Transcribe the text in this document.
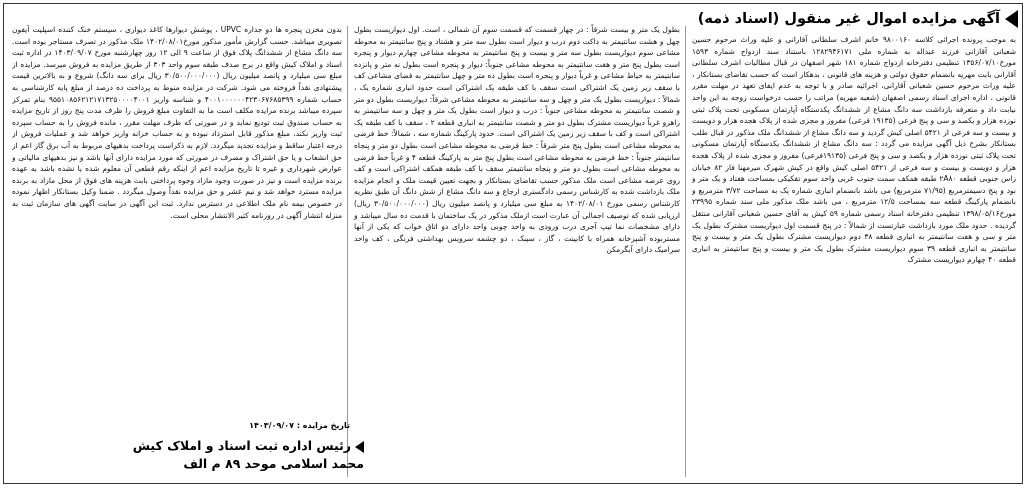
آگهی مزایده اموال غیر منقول (اسناد ذمه)

به موجب پرونده اجرائی کلاسه ۹۸۰۰۱۶۰ خانم اشرف سلطانی آقارانی و علیه وراث مرحوم حسین شعبانی آقارانی فرزند عبداله به شماره ملی ۱۲۸۲۹۴۶۱۷۱ باستناد سند ازدواج شماره ۱۵۹۳ مورخ۱۳۵۶/۰۷/۱۰ تنظیمی دفترخانه ازدواج شماره ۱۸۱ شهر اصفهان در قبال مطالبات اشرف سلطانی آقارانی بابت مهریه بانضمام حقوق دولتی و هزینه های قانونی ، بدهکار است که حسب تقاضای بستانکار ، علیه وراث مرحوم حسین شعبانی آقارانی، اجرائیه صادر و با توجه به عدم ایفای تعهد در مهلت مقرر قانونی ، اداره اجرای اسناد رسمی اصفهان (شعبه مهریه) مراتب را حسب درخواست زوجه به این واحد نیابت داد و متعرفه بازداشت سه دانگ مشاع از ششدانگ یکدستگاه آپارتمان مسکونی تحت پلاک ثبتی نوزده هزار و یکصد و سی و پنج فرعی (۱۹۱۳۵ فرعی) مفروز و مجزی شده از پلاک هجده هزار و دویست و بیست و سه فرعی از ۵۴۲۱ اصلی کیش گردید و سه دانگ مشاع از ششدانگ ملک مذکور در قبال طلب بستانکار بشرح ذیل آگهی مزایده می گردد : سه دانگ مشاع از ششدانگ یکدستگاه آپارتمان مسکونی تحت پلاک ثبتی نوزده هزار و یکصد و سی و پنج فرعی (۱۹۱۳۵فرعی) مفروز و مجزی شده از پلاک هجده هزار و دویست و بیست و سه فرعی از ۵۴۲۱ اصلی کیش واقع در کیش شهرک میرمهنا فاز ۸۲ خیابان زاس جنوبی قطعه ۲A۸۰ طبقه همکف سمت جنوب غربی واحد سوم تفکیکی بمساحت هفتاد و یک متر و نود و پنج دسیمترمربع (۷۱/۹۵ مترمربع) می باشد بانضمام انباری شماره یک به مساحت ۳/۷۲ مترمربع و بانضمام پارکینگ قطعه سه بمساحت ۱۲/۵ مترمربع ، می باشد ملک مذکور ملی سند شماره ۲۳۹۹۵ مورخ۱۳۹۸/۰۵/۱۶ تنظیمی دفترخانه اسناد رسمی شماره ۵۹ کیش به آقای حسین شعبانی آقارانی منتقل گردیده . حدود ملک مورد بازداشت عبارتست از شمالاً : در پنج قسمت اول دیواریست مشترک بطول یک متر و سی و هفت سانتیمتر به انباری قطعه ۳۸ دوم دیواریست مشترک بطول یک متر و بیست و پنج سانتیمتر به انباری قطعه ۳۹ سوم دیواریست مشترک بطول یک متر و بیست و پنج سانتیمتر به انباری قطعه ۴۰ چهارم دیواریست مشترک

بطول یک متر و بیست شرقاً : در چهار قسمت که قسمت سوم آن شمالی ، است. اول دیواریست بطول چهل و هشت سانتیمتر به داکت دوم درب و دیوار است بطول سه متر و هشتاد و پنج سانتیمتر به محوطه مشاعی سوم دیواریست بطول سه متر و بیست و پنج سانتیمتر به محوطه مشاعی چهارم دیوار و پنجره است بطول پنج متر و هفت سانتیمتر به محوطه مشاعی جنوباً: دیوار و پنجره است بطول نه متر و پانزده سانتیمتر به حیاط مشاعی و غرباً دیوار و پنجره است بطول ده متر و چهل سانتیمتر به فضای مشاعی کف با سقف زیر زمین یک اشتراکی است سقف با کف طبقه یک اشتراکی است حدود انباری شماره یک ، شمالاً : دیواریست بطول یک متر و چهل و سه سانتیمتر به محوطه مشاعی شرقاً: دیواریست بطول دو متر و شصت سانتیمتر به محوطه مشاعی جنوباً : درب و دیوار است بطول یک متر و چهل و سه سانتیمتر به راهرو غرباً دیواریست مشترک بطول دو متر و شصت سانتیمتر به انباری قطعه ۲ ، سقف با کف طبقه یک اشتراکی است و کف با سقف زیر زمین یک اشتراکی است. حدود پارکینگ شماره سه ، شمالاً: خط فرضی به محوطه مشاعی است بطول پنج متر شرقاً : خط فرضی به محوطه مشاعی است بطول دو متر و پنجاه سانتیمتر جنوباً : خط فرضی به محوطه مشاعی است بطول پنج متر به پارکینگ قطعه ۴ و غرباً خط فرضی به محوطه مشاعی است بطول دو متر و پنجاه سانتیمتر سقف با کف طبقه همکف اشتراکی است و کف روی عرصه مشاعی است ملک مذکور حسب تقاضای بستانکار و بجهت تعیین قیمت ملک و انجام مزایده ملک بازداشت شده به کارشناس رسمی دادگستری ارجاع و سه دانگ مشاع از شش دانگ آن طبق نظریه کارشناس رسمی مورخ ۱۴۰۲/۰۸/۰۱ به مبلغ سی میلیارد و پانصد میلیون ریال (۳۰/۵۰۰/۰۰۰/۰۰۰ ریال) ارزیابی شده که توصیف اجمالی آن عبارت است ازملک مذکور در یک ساختمان با قدمت ده سال میباشد و دارای مشخصات نما تیپ آجری درب ورودی به واحد چوبی واحد دارای دو اتاق خواب که یکی از آنها مستربوده آشپزخانه همراه با کابینت ، گاز ، سینک ، دو چشمه سرویس بهداشتی فرنگی ، کف واحد سرامیک دارای آبگرمکن

بدون مخزن پنجره ها دو جداره UPVC ، پوشش دیوارها کاغذ دیواری ، سیستم خنک کننده اسپلیت آیفون تصویری میباشد. حسب گزارش مأمور مذکور مورخ۱۴۰۲/۰۸/۰۱ ملک مذکور در تصرف مستاجر بوده است. سه دانگ مشاع از ششدانگ پلاک فوق از ساعت ۹ الی ۱۲ روز چهارشنبه مورخ ۱۴۰۳/۰۹/۰۷ در اداره ثبت اسناد و املاک کیش واقع در برج صدف طبقه سوم واحد ۳۰۳ از طریق مزایده به فروش میرسد. مزایده از مبلغ سی میلیارد و پانصد میلیون ریال (۳۰/۵۰۰/۰۰۰/۰۰۰ ریال برای سه دانگ) شروع و به بالاترین قیمت پیشنهادی نقداً فروخته می شود. شرکت در مزایده منوط به پرداخت ده درصد از مبلغ پایه کارشناسی به حساب شماره ۴۰۰۱۰۰۰۰۰۰۴۲۳۰۶۷۶۸۵۳۹۹ و شناسه واریز ۹۵۵۱۰۸۵۶۲۱۲۱۷۱۳۲۵۰۰۰۰۴۰۰۱ بنام تمرکز سپرده میباشد برنده مزایده مکلف است ما به التفاوت مبلغ فروش را ظرف مدت پنج روز از تاریخ مزایده به حساب صندوق ثبت تودیع نماید و در صورتی که ظرف مهلت مقرر ، مانده فروش را به حساب سپرده ثبت واریز نکند، مبلغ مذکور قابل استرداد نبوده و به حساب خزانه واریز خواهد شد و عملیات فروش از درجه اعتبار ساقط و مزایده تجدید میگردد. لازم به ذکراست پرداخت بدهیهای مربوط به آب برق گاز اعم از حق انشعاب و یا حق اشتراک و مصرف در صورتی که مورد مزایده دارای آنها باشد و نیز بدهیهای مالیاتی و عوارض شهرداری و غیره تا تاریخ مزایده اعم از اینکه رقم قطعی آن معلوم شده یا نشده باشد به عهده برنده مزایده است و نیز در صورت وجود مازاد وجوه پرداختی بابت هزینه های فوق از محل مازاد به برنده مزایده مسترد خواهد شد و نیم عشر و حق مزایده نقداً وصول میگردد . ضمنا وکیل بستانکار اظهار نموده در خصوص بیمه نام ملک اطلاعی در دسترس ندارد. ثبت این آگهی در سایت آگهی های سازمان ثبت به منزله انتشار آگهی در روزنامه کثیر الانتشار محلی است.

تاریخ مزایده : ۱۴۰۳/۰۹/۰۷
رئیس اداره ثبت اسناد و املاک کیش
محمد اسلامی موحد ۸۹ م الف
